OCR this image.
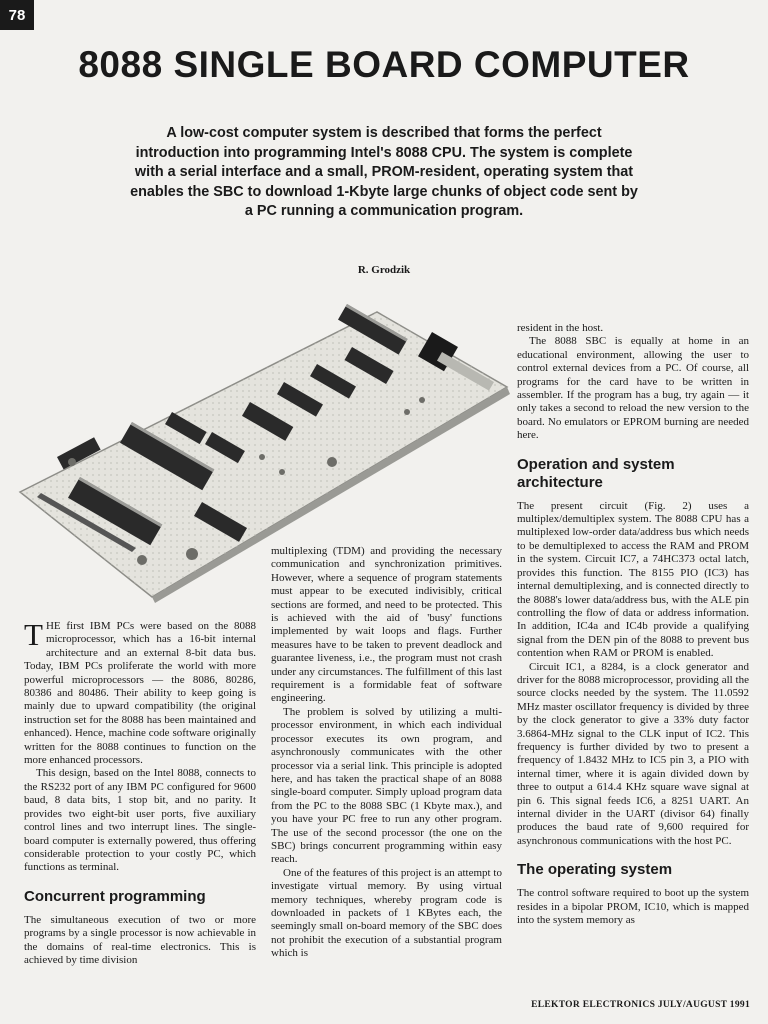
78
8088 SINGLE BOARD COMPUTER
A low-cost computer system is described that forms the perfect introduction into programming Intel's 8088 CPU. The system is complete with a serial interface and a small, PROM-resident, operating system that enables the SBC to download 1-Kbyte large chunks of object code sent by a PC running a communication program.
R. Grodzik

THE first IBM PCs were based on the 8088 microprocessor, which has a 16-bit internal architecture and an external 8-bit data bus. Today, IBM PCs proliferate the world with more powerful microprocessors — the 8086, 80286, 80386 and 80486. Their ability to keep going is mainly due to upward compatibility (the original instruction set for the 8088 has been maintained and enhanced). Hence, machine code software originally written for the 8088 continues to function on the more enhanced processors.

This design, based on the Intel 8088, connects to the RS232 port of any IBM PC configured for 9600 baud, 8 data bits, 1 stop bit, and no parity. It provides two eight-bit user ports, five auxiliary control lines and two interrupt lines. The single-board computer is externally powered, thus offering considerable protection to your costly PC, which functions as terminal.

Concurrent programming

The simultaneous execution of two or more programs by a single processor is now achievable in the domains of real-time electronics. This is achieved by time division

multiplexing (TDM) and providing the necessary communication and synchronization primitives. However, where a sequence of program statements must appear to be executed indivisibly, critical sections are formed, and need to be protected. This is achieved with the aid of 'busy' functions implemented by wait loops and flags. Further measures have to be taken to prevent deadlock and guarantee liveness, i.e., the program must not crash under any circumstances. The fulfillment of this last requirement is a formidable feat of software engineering.

The problem is solved by utilizing a multi-processor environment, in which each individual processor executes its own program, and asynchronously communicates with the other processor via a serial link. This principle is adopted here, and has taken the practical shape of an 8088 single-board computer. Simply upload program data from the PC to the 8088 SBC (1 Kbyte max.), and you have your PC free to run any other program. The use of the second processor (the one on the SBC) brings concurrent programming within easy reach.

One of the features of this project is an attempt to investigate virtual memory. By using virtual memory techniques, whereby program code is downloaded in packets of 1 KBytes each, the seemingly small on-board memory of the SBC does not prohibit the execution of a substantial program which is

resident in the host.

The 8088 SBC is equally at home in an educational environment, allowing the user to control external devices from a PC. Of course, all programs for the card have to be written in assembler. If the program has a bug, try again — it only takes a second to reload the new version to the board. No emulators or EPROM burning are needed here.

Operation and system architecture

The present circuit (Fig. 2) uses a multiplex/demultiplex system. The 8088 CPU has a multiplexed low-order data/address bus which needs to be demultiplexed to access the RAM and PROM in the system. Circuit IC7, a 74HC373 octal latch, provides this function. The 8155 PIO (IC3) has internal demultiplexing, and is connected directly to the 8088's lower data/address bus, with the ALE pin controlling the flow of data or address information. In addition, IC4a and IC4b provide a qualifying signal from the DEN pin of the 8088 to prevent bus contention when RAM or PROM is enabled.

Circuit IC1, a 8284, is a clock generator and driver for the 8088 microprocessor, providing all the source clocks needed by the system. The 11.0592 MHz master oscillator frequency is divided by three by the clock generator to give a 33% duty factor 3.6864-MHz signal to the CLK input of IC2. This frequency is further divided by two to present a frequency of 1.8432 MHz to IC5 pin 3, a PIO with internal timer, where it is again divided down by three to output a 614.4 KHz square wave signal at pin 6. This signal feeds IC6, a 8251 UART. An internal divider in the UART (divisor 64) finally produces the baud rate of 9,600 required for asynchronous communications with the host PC.

The operating system

The control software required to boot up the system resides in a bipolar PROM, IC10, which is mapped into the system memory as

ELEKTOR ELECTRONICS JULY/AUGUST 1991
